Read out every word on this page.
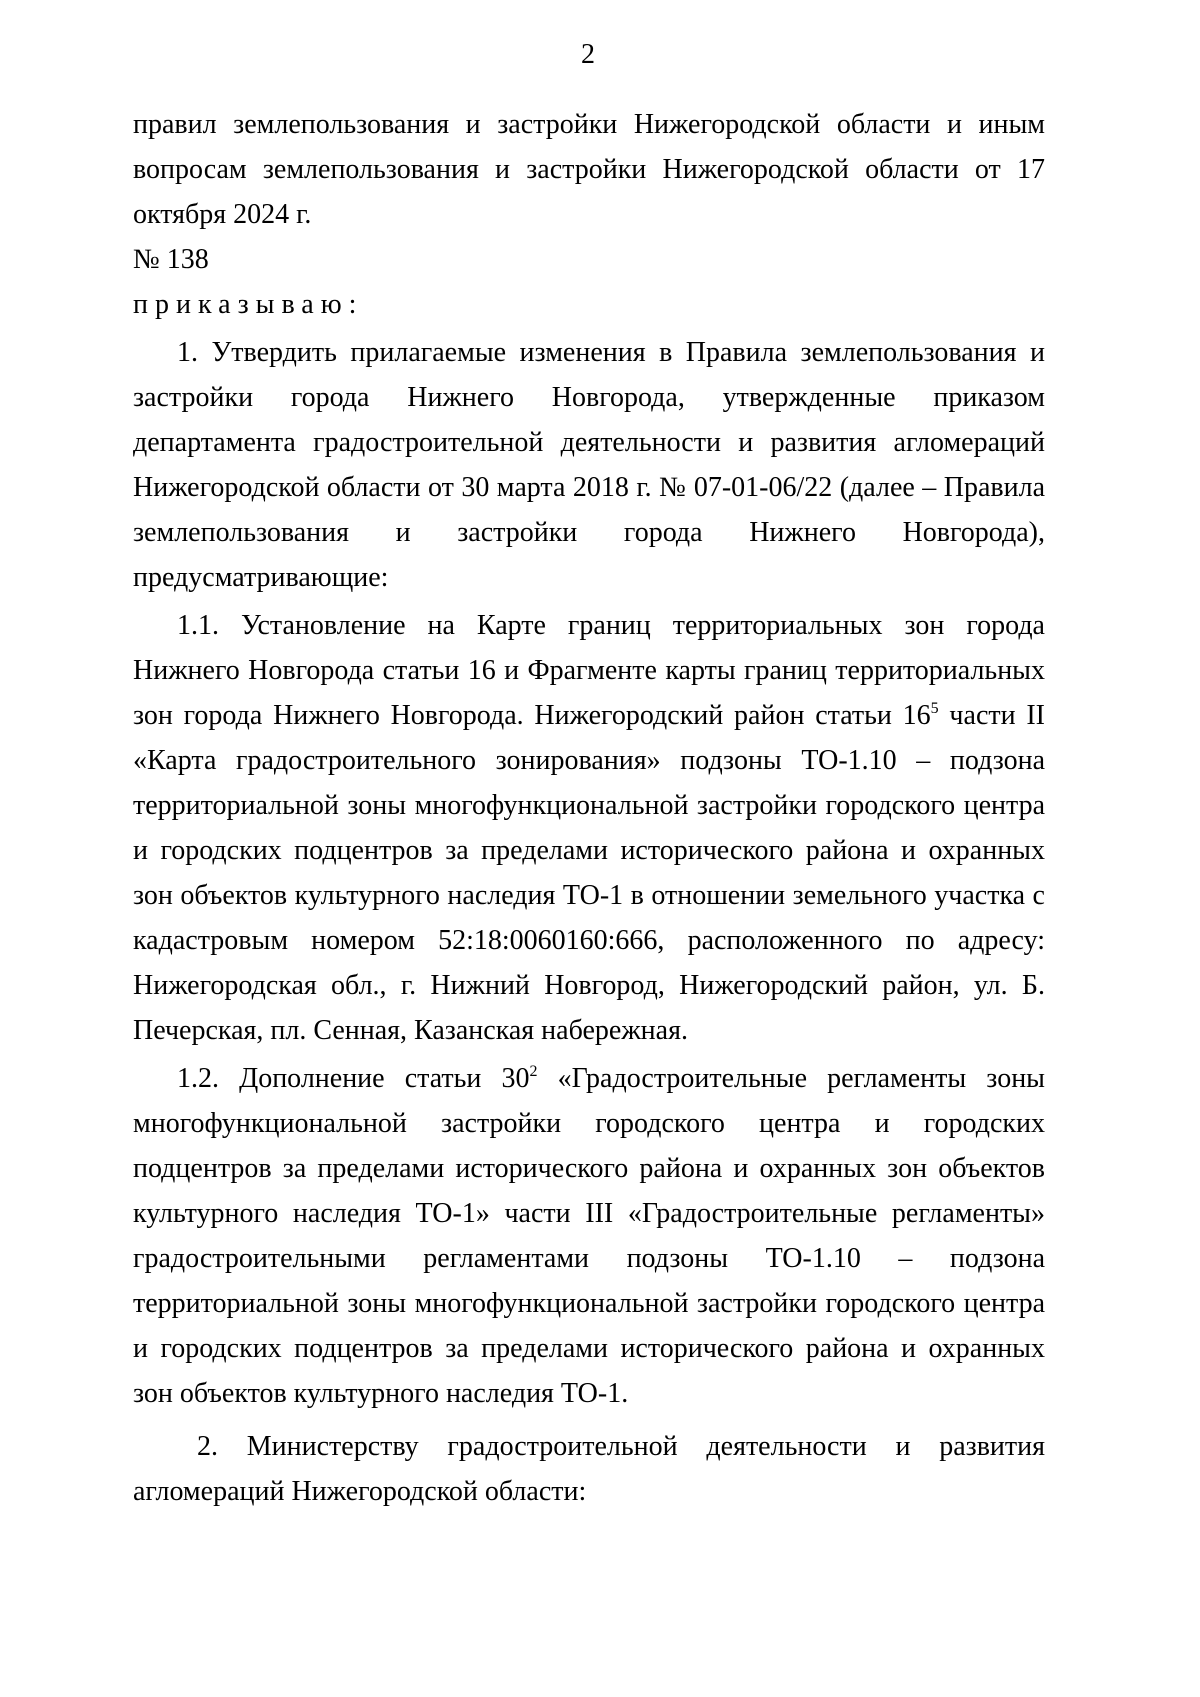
2

правил землепользования и застройки Нижегородской области и иным вопросам землепользования и застройки Нижегородской области от 17 октября 2024 г.
№ 138

приказываю:

1. Утвердить прилагаемые изменения в Правила землепользования и застройки города Нижнего Новгорода, утвержденные приказом департамента градостроительной деятельности и развития агломераций Нижегородской области от 30 марта 2018 г. № 07-01-06/22 (далее – Правила землепользования и застройки города Нижнего Новгорода), предусматривающие:

1.1. Установление на Карте границ территориальных зон города Нижнего Новгорода статьи 16 и Фрагменте карты границ территориальных зон города Нижнего Новгорода. Нижегородский район статьи $16^5$ части II «Карта градостроительного зонирования» подзоны ТО-1.10 – подзона территориальной зоны многофункциональной застройки городского центра и городских подцентров за пределами исторического района и охранных зон объектов культурного наследия ТО-1 в отношении земельного участка с кадастровым номером 52:18:0060160:666, расположенного по адресу: Нижегородская обл., г. Нижний Новгород, Нижегородский район, ул. Б. Печерская, пл. Сенная, Казанская набережная.

1.2. Дополнение статьи $30^2$ «Градостроительные регламенты зоны многофункциональной застройки городского центра и городских подцентров за пределами исторического района и охранных зон объектов культурного наследия ТО-1» части III «Градостроительные регламенты» градостроительными регламентами подзоны ТО-1.10 – подзона территориальной зоны многофункциональной застройки городского центра и городских подцентров за пределами исторического района и охранных зон объектов культурного наследия ТО-1.

2. Министерству градостроительной деятельности и развития агломераций Нижегородской области:
